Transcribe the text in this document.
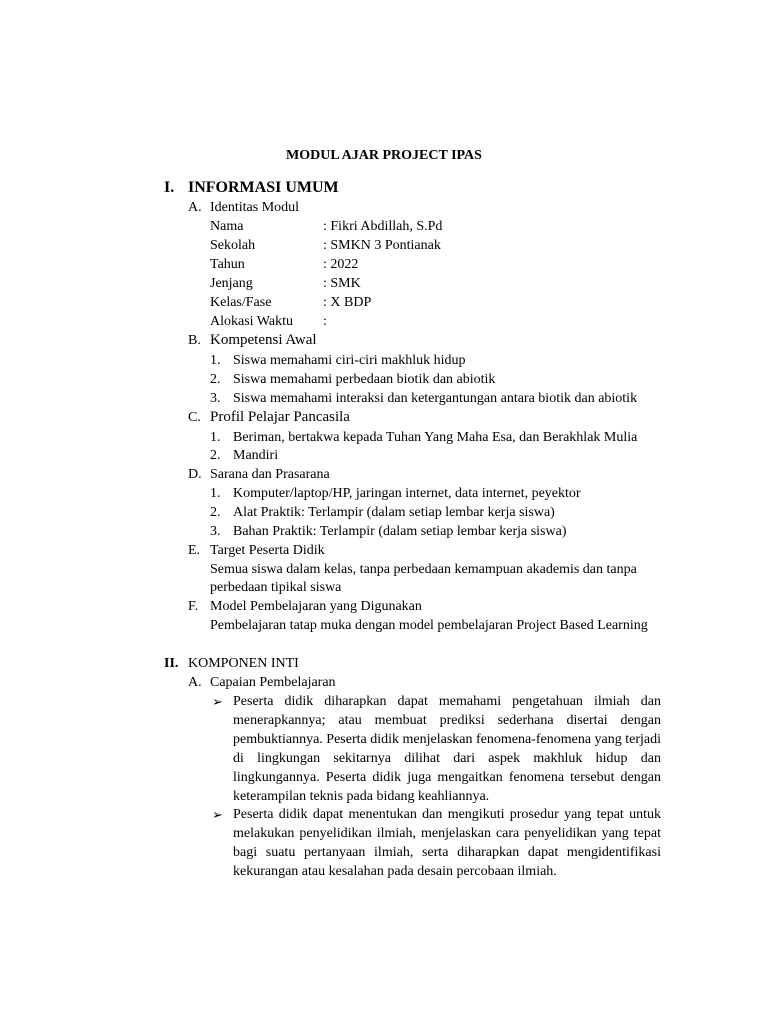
MODUL AJAR PROJECT IPAS
I. INFORMASI UMUM
A. Identitas Modul
Nama	: Fikri Abdillah, S.Pd
Sekolah	: SMKN 3 Pontianak
Tahun	: 2022
Jenjang	: SMK
Kelas/Fase	: X BDP
Alokasi Waktu :
B. Kompetensi Awal
1. Siswa memahami ciri-ciri makhluk hidup
2. Siswa memahami perbedaan biotik dan abiotik
3. Siswa memahami interaksi dan ketergantungan antara biotik dan abiotik
C. Profil Pelajar Pancasila
1. Beriman, bertakwa kepada Tuhan Yang Maha Esa, dan Berakhlak Mulia
2. Mandiri
D. Sarana dan Prasarana
1. Komputer/laptop/HP, jaringan internet, data internet, peyektor
2. Alat Praktik: Terlampir (dalam setiap lembar kerja siswa)
3. Bahan Praktik: Terlampir (dalam setiap lembar kerja siswa)
E. Target Peserta Didik
Semua siswa dalam kelas, tanpa perbedaan kemampuan akademis dan tanpa
perbedaan tipikal siswa
F. Model Pembelajaran yang Digunakan
Pembelajaran tatap muka dengan model pembelajaran Project Based Learning
II. KOMPONEN INTI
A. Capaian Pembelajaran
➢ Peserta didik diharapkan dapat memahami pengetahuan ilmiah dan menerapkannya; atau membuat prediksi sederhana disertai dengan pembuktiannya. Peserta didik menjelaskan fenomena-fenomena yang terjadi di lingkungan sekitarnya dilihat dari aspek makhluk hidup dan lingkungannya. Peserta didik juga mengaitkan fenomena tersebut dengan keterampilan teknis pada bidang keahliannya.
➢ Peserta didik dapat menentukan dan mengikuti prosedur yang tepat untuk melakukan penyelidikan ilmiah, menjelaskan cara penyelidikan yang tepat bagi suatu pertanyaan ilmiah, serta diharapkan dapat mengidentifikasi kekurangan atau kesalahan pada desain percobaan ilmiah.
